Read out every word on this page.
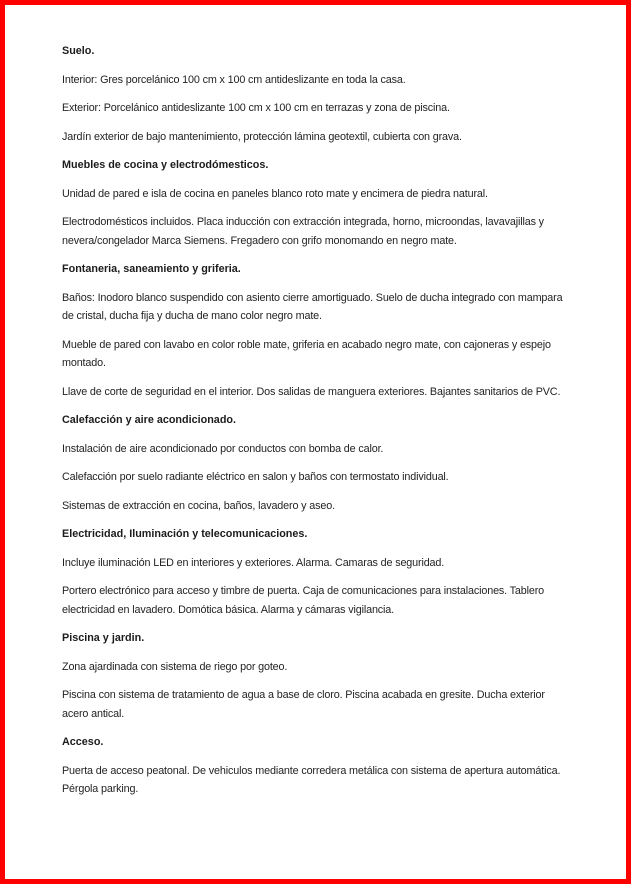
Suelo.

Interior: Gres porcelánico 100 cm x 100 cm antideslizante en toda la casa.

Exterior: Porcelánico antideslizante 100 cm x 100 cm en terrazas y zona de piscina.

Jardín exterior de bajo mantenimiento, protección lámina geotextil, cubierta con grava.

Muebles de cocina y electrodómesticos.

Unidad de pared e isla de cocina en paneles blanco roto mate y encimera de piedra natural.

Electrodomésticos incluidos. Placa inducción con extracción integrada, horno, microondas, lavavajillas y nevera/congelador Marca Siemens. Fregadero con grifo monomando en negro mate.

Fontaneria, saneamiento y griferia.

Baños: Inodoro blanco suspendido con asiento cierre amortiguado. Suelo de ducha integrado con mampara de cristal, ducha fija y ducha de mano color negro mate.

Mueble de pared con lavabo en color roble mate, griferia en acabado negro mate, con cajoneras y espejo montado.

Llave de corte de seguridad en el interior. Dos salidas de manguera exteriores. Bajantes sanitarios de PVC.

Calefacción y aire acondicionado.

Instalación de aire acondicionado por conductos con bomba de calor.

Calefacción por suelo radiante eléctrico en salon y baños con termostato individual.

Sistemas de extracción en cocina, baños, lavadero y aseo.

Electricidad, Iluminación y telecomunicaciones.

Incluye iluminación LED en interiores y exteriores. Alarma. Camaras de seguridad.

Portero electrónico para acceso y timbre de puerta. Caja de comunicaciones para instalaciones. Tablero electricidad en lavadero. Domótica básica. Alarma y cámaras vigilancia.

Piscina y jardin.

Zona ajardinada con sistema de riego por goteo.

Piscina con sistema de tratamiento de agua a base de cloro. Piscina acabada en gresite. Ducha exterior acero antical.

Acceso.

Puerta de acceso peatonal. De vehiculos mediante corredera metálica con sistema de apertura automática. Pérgola parking.
